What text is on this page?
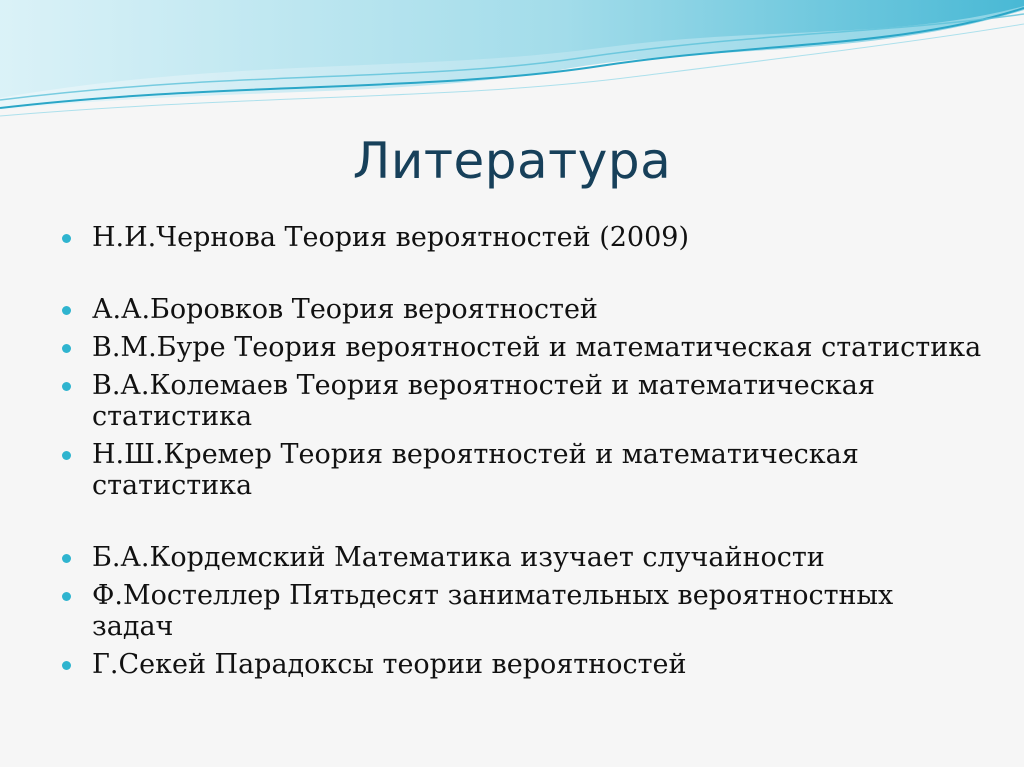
Литература
Н.И.Чернова Теория вероятностей (2009)
А.А.Боровков Теория вероятностей
В.М.Буре Теория вероятностей и математическая статистика
В.А.Колемаев Теория вероятностей и математическая статистика
Н.Ш.Кремер Теория вероятностей и математическая статистика
Б.А.Кордемский Математика изучает случайности
Ф.Мостеллер Пятьдесят занимательных вероятностных задач
Г.Секей Парадоксы теории вероятностей
